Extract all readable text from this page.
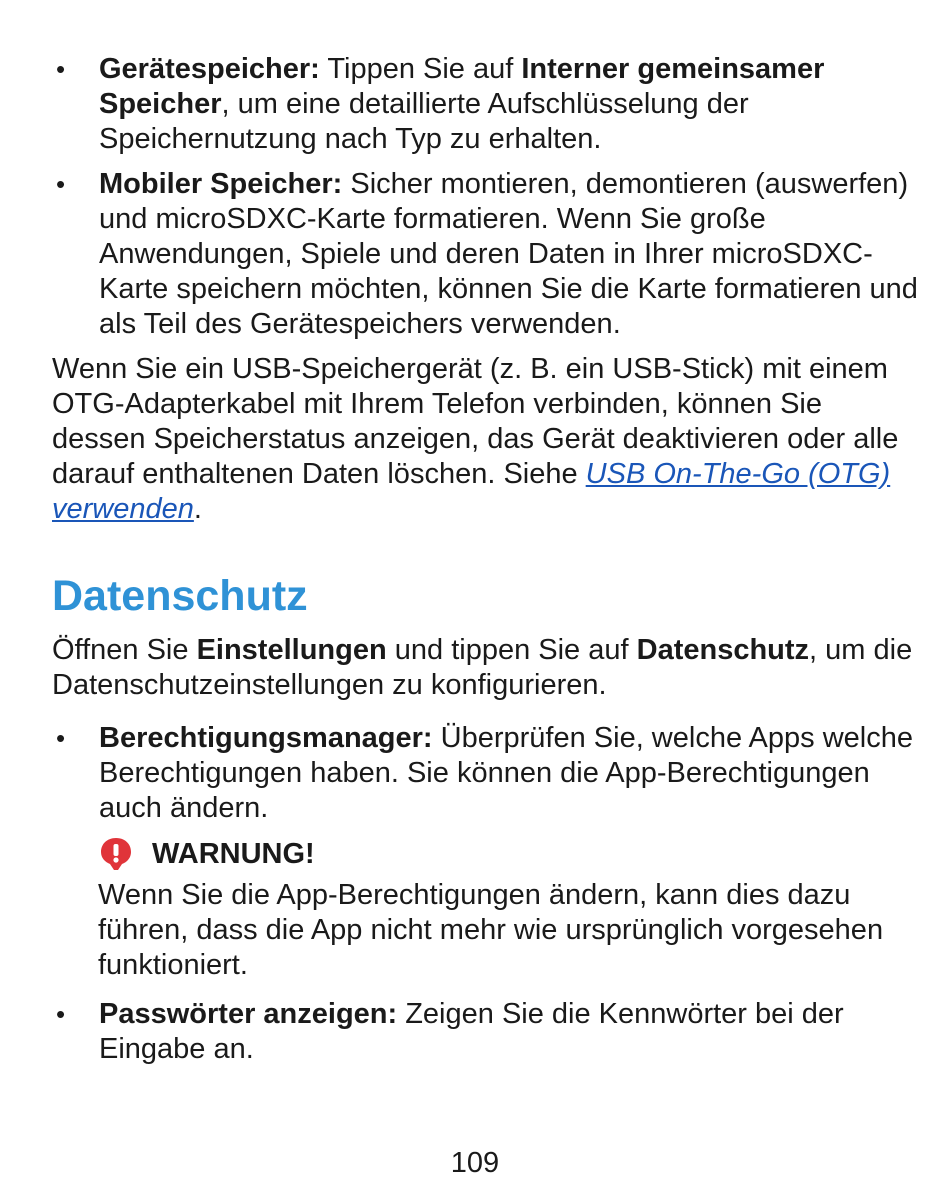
• Gerätespeicher: Tippen Sie auf Interner gemeinsamer Speicher, um eine detaillierte Aufschlüsselung der Speichernutzung nach Typ zu erhalten.
• Mobiler Speicher: Sicher montieren, demontieren (auswerfen) und microSDXC-Karte formatieren. Wenn Sie große Anwendungen, Spiele und deren Daten in Ihrer microSDXC-Karte speichern möchten, können Sie die Karte formatieren und als Teil des Gerätespeichers verwenden.

Wenn Sie ein USB-Speichergerät (z. B. ein USB-Stick) mit einem OTG-Adapterkabel mit Ihrem Telefon verbinden, können Sie dessen Speicherstatus anzeigen, das Gerät deaktivieren oder alle darauf enthaltenen Daten löschen. Siehe USB On-The-Go (OTG) verwenden.

Datenschutz

Öffnen Sie Einstellungen und tippen Sie auf Datenschutz, um die Datenschutzeinstellungen zu konfigurieren.

• Berechtigungsmanager: Überprüfen Sie, welche Apps welche Berechtigungen haben. Sie können die App-Berechtigungen auch ändern.
WARNUNG!

Wenn Sie die App-Berechtigungen ändern, kann dies dazu führen, dass die App nicht mehr wie ursprünglich vorgesehen funktioniert.

• Passwörter anzeigen: Zeigen Sie die Kennwörter bei der Eingabe an.
109
